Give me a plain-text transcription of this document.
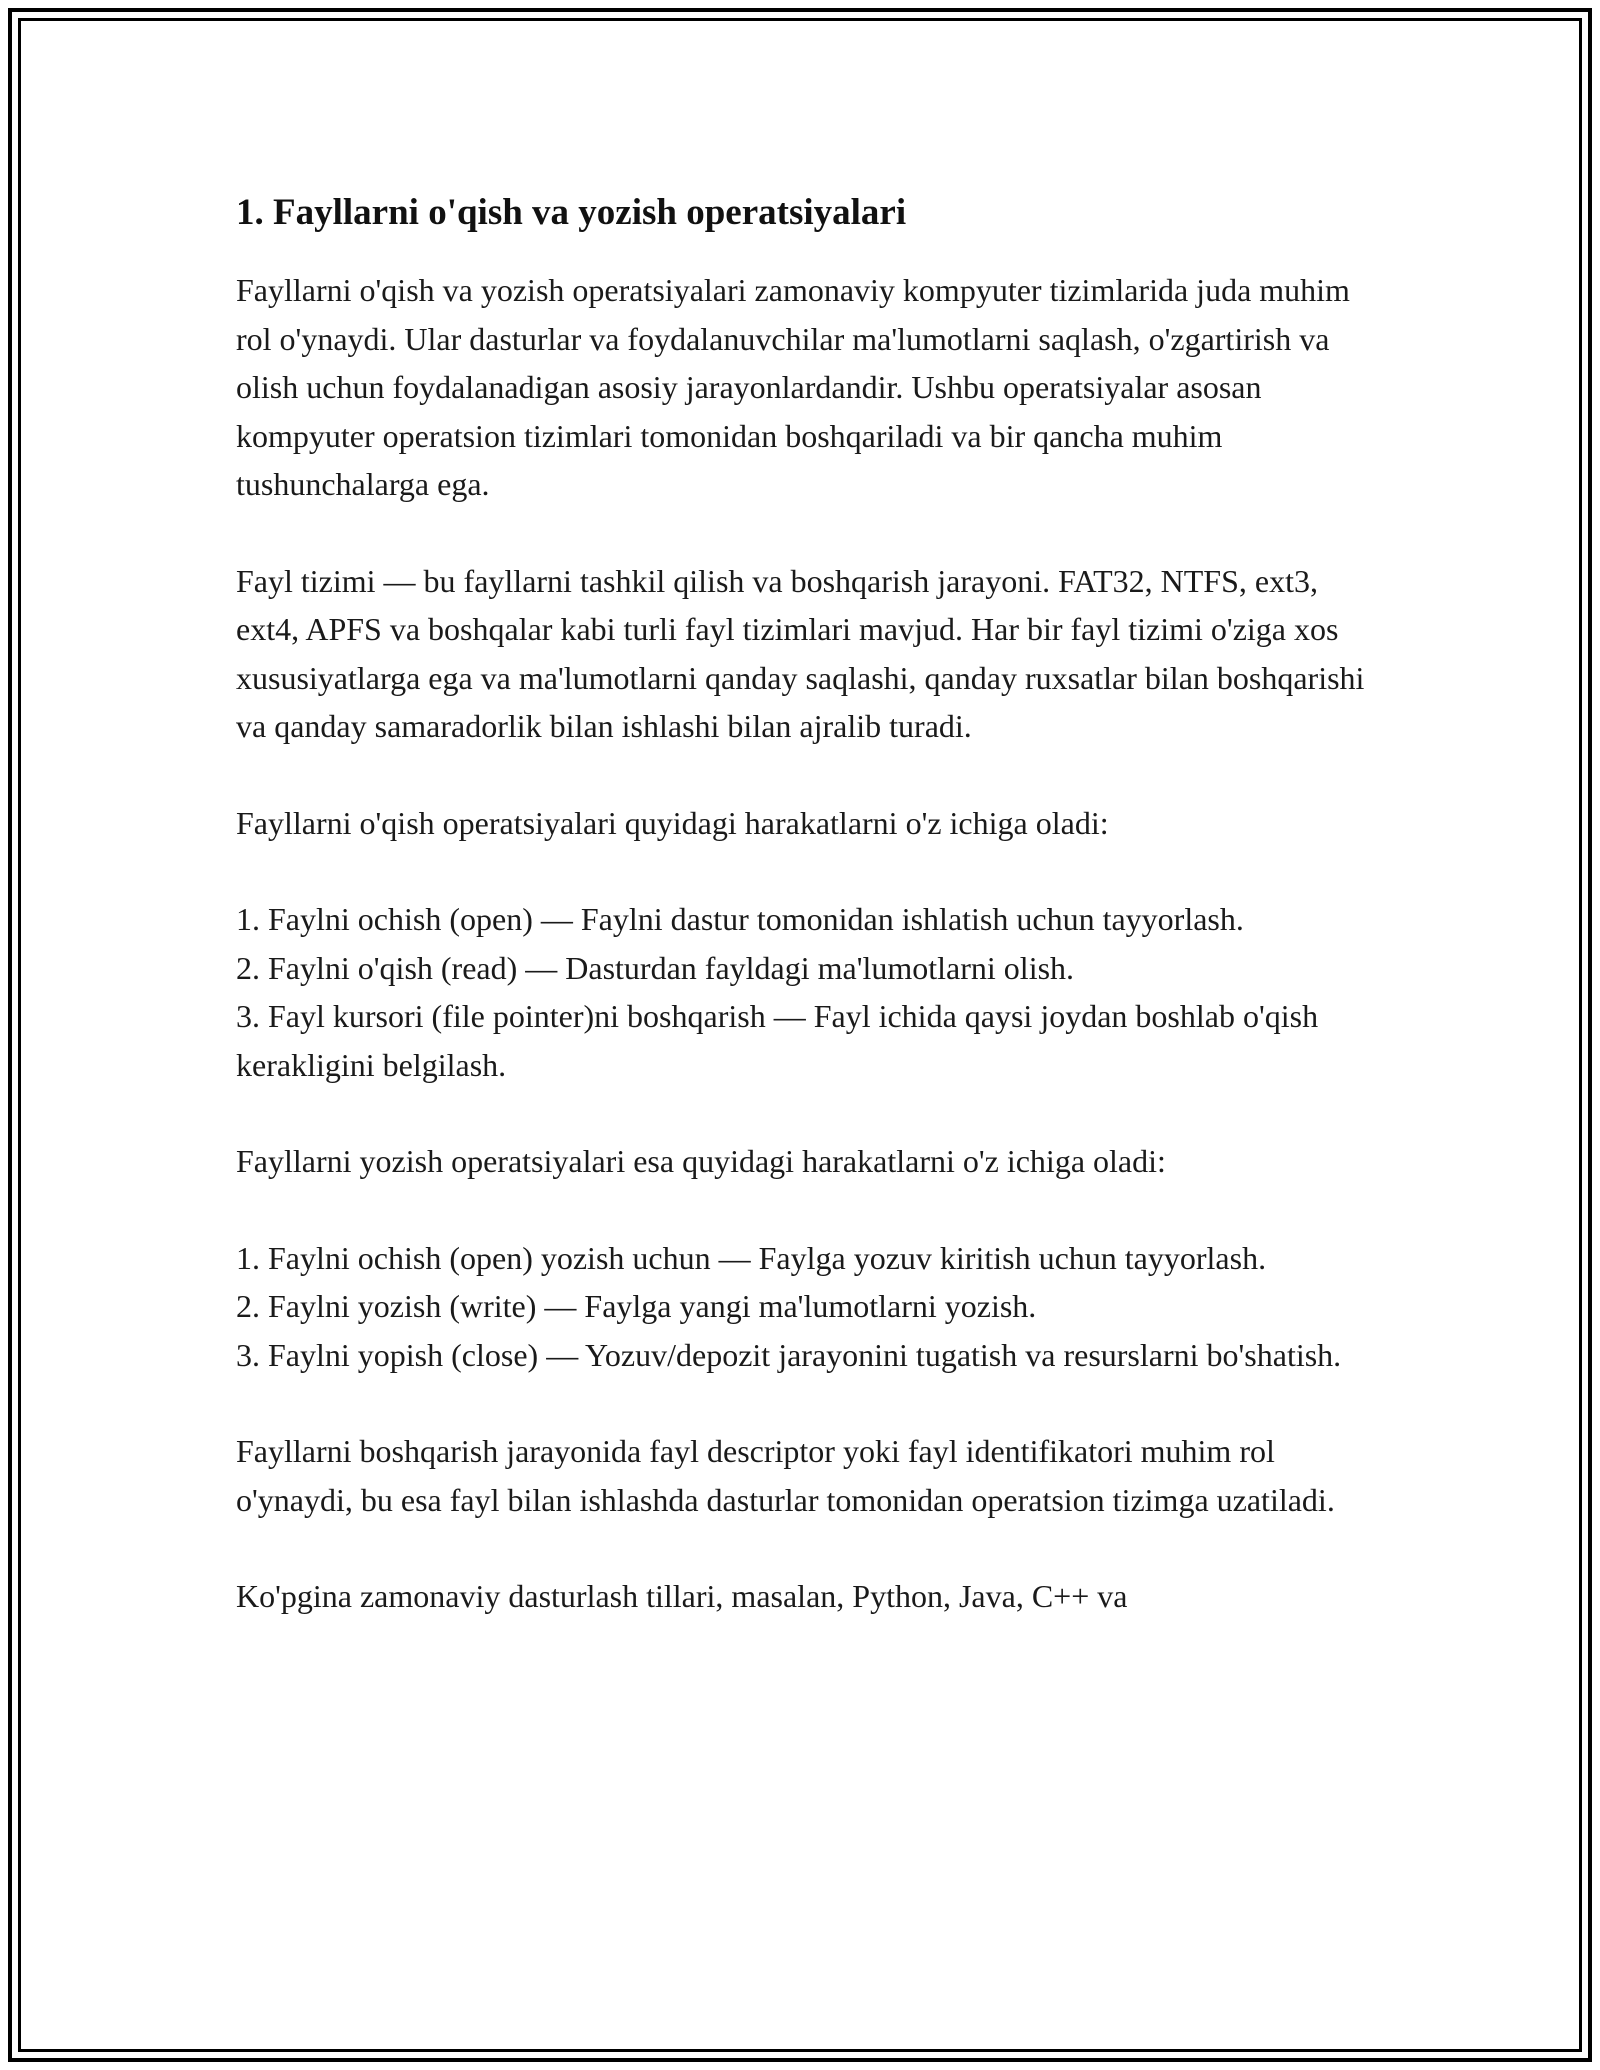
1. Fayllarni o'qish va yozish operatsiyalari

Fayllarni o'qish va yozish operatsiyalari zamonaviy kompyuter tizimlarida juda muhim rol o'ynaydi. Ular dasturlar va foydalanuvchilar ma'lumotlarni saqlash, o'zgartirish va olish uchun foydalanadigan asosiy jarayonlardandir. Ushbu operatsiyalar asosan kompyuter operatsion tizimlari tomonidan boshqariladi va bir qancha muhim tushunchalarga ega.

Fayl tizimi — bu fayllarni tashkil qilish va boshqarish jarayoni. FAT32, NTFS, ext3, ext4, APFS va boshqalar kabi turli fayl tizimlari mavjud. Har bir fayl tizimi o'ziga xos xususiyatlarga ega va ma'lumotlarni qanday saqlashi, qanday ruxsatlar bilan boshqarishi va qanday samaradorlik bilan ishlashi bilan ajralib turadi.

Fayllarni o'qish operatsiyalari quyidagi harakatlarni o'z ichiga oladi:

1. Faylni ochish (open) — Faylni dastur tomonidan ishlatish uchun tayyorlash.
2. Faylni o'qish (read) — Dasturdan fayldagi ma'lumotlarni olish.
3. Fayl kursori (file pointer)ni boshqarish — Fayl ichida qaysi joydan boshlab o'qish kerakligini belgilash.

Fayllarni yozish operatsiyalari esa quyidagi harakatlarni o'z ichiga oladi:

1. Faylni ochish (open) yozish uchun — Faylga yozuv kiritish uchun tayyorlash.
2. Faylni yozish (write) — Faylga yangi ma'lumotlarni yozish.
3. Faylni yopish (close) — Yozuv/depozit jarayonini tugatish va resurslarni bo'shatish.

Fayllarni boshqarish jarayonida fayl descriptor yoki fayl identifikatori muhim rol o'ynaydi, bu esa fayl bilan ishlashda dasturlar tomonidan operatsion tizimga uzatiladi.

Ko'pgina zamonaviy dasturlash tillari, masalan, Python, Java, C++ va
